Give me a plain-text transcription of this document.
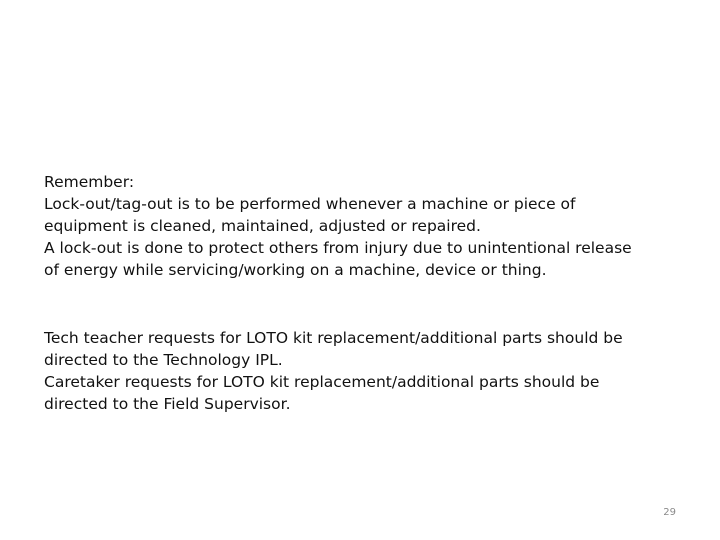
Remember:
Lock-out/tag-out is to be performed whenever a machine or piece of
equipment is cleaned, maintained, adjusted or repaired.
A lock-out is done to protect others from injury due to unintentional release
of energy while servicing/working on a machine, device or thing.
Tech teacher requests for LOTO kit replacement/additional parts should be
directed to the Technology IPL.
Caretaker requests for LOTO kit replacement/additional parts should be
directed to the Field Supervisor.
29
